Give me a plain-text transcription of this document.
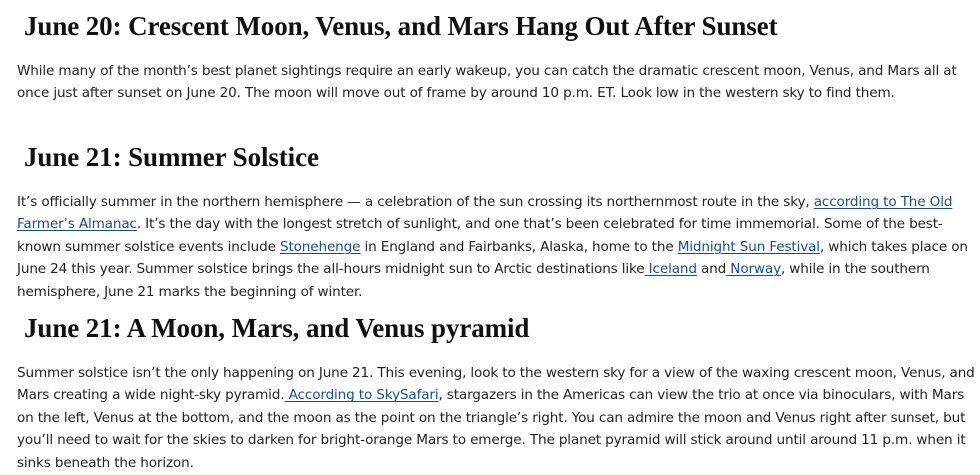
June 20: Crescent Moon, Venus, and Mars Hang Out After Sunset

While many of the month’s best planet sightings require an early wakeup, you can catch the dramatic crescent moon, Venus, and Mars all at once just after sunset on June 20. The moon will move out of frame by around 10 p.m. ET. Look low in the western sky to find them.

June 21: Summer Solstice

It’s officially summer in the northern hemisphere — a celebration of the sun crossing its northernmost route in the sky, according to The Old Farmer’s Almanac. It’s the day with the longest stretch of sunlight, and one that’s been celebrated for time immemorial. Some of the best-known summer solstice events include Stonehenge in England and Fairbanks, Alaska, home to the Midnight Sun Festival, which takes place on June 24 this year. Summer solstice brings the all-hours midnight sun to Arctic destinations like Iceland and Norway, while in the southern hemisphere, June 21 marks the beginning of winter.

June 21: A Moon, Mars, and Venus pyramid

Summer solstice isn’t the only happening on June 21. This evening, look to the western sky for a view of the waxing crescent moon, Venus, and Mars creating a wide night-sky pyramid. According to SkySafari, stargazers in the Americas can view the trio at once via binoculars, with Mars on the left, Venus at the bottom, and the moon as the point on the triangle’s right. You can admire the moon and Venus right after sunset, but you’ll need to wait for the skies to darken for bright-orange Mars to emerge. The planet pyramid will stick around until around 11 p.m. when it sinks beneath the horizon.
